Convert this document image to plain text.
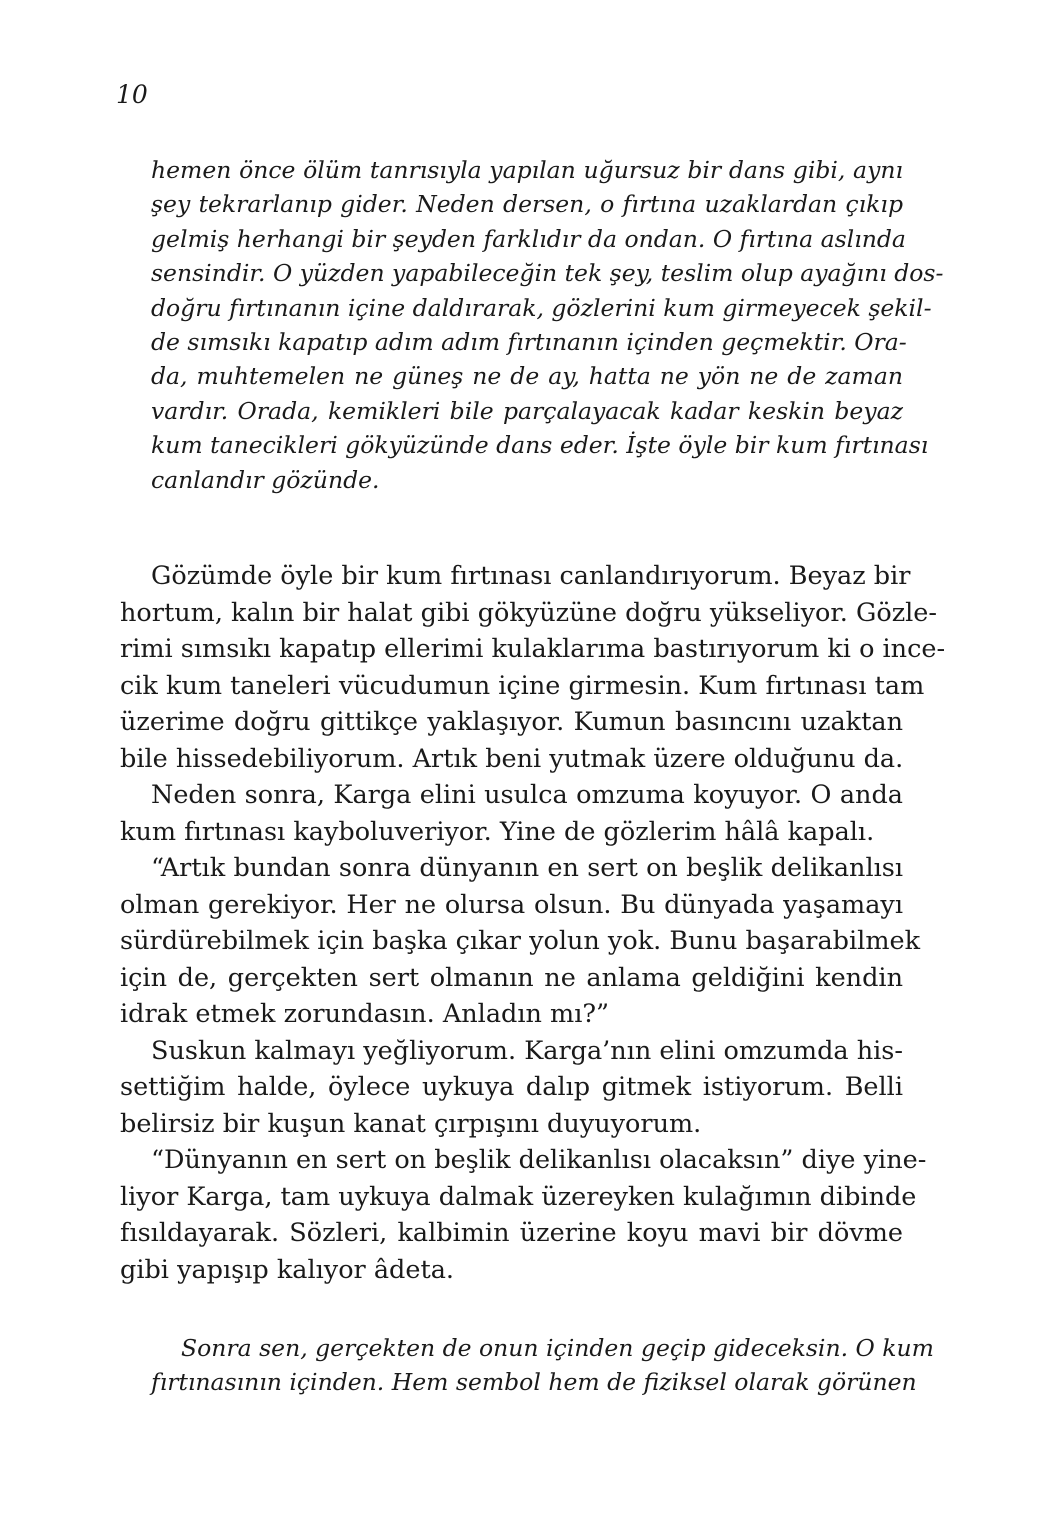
10
hemen önce ölüm tanrısıyla yapılan uğursuz bir dans gibi, aynı
şey tekrarlanıp gider. Neden dersen, o fırtına uzaklardan çıkıp
gelmiş herhangi bir şeyden farklıdır da ondan. O fırtına aslında
sensindir. O yüzden yapabileceğin tek şey, teslim olup ayağını dos-
doğru fırtınanın içine daldırarak, gözlerini kum girmeyecek şekil-
de sımsıkı kapatıp adım adım fırtınanın içinden geçmektir. Ora-
da, muhtemelen ne güneş ne de ay, hatta ne yön ne de zaman
vardır. Orada, kemikleri bile parçalayacak kadar keskin beyaz
kum tanecikleri gökyüzünde dans eder. İşte öyle bir kum fırtınası
canlandır gözünde.
Gözümde öyle bir kum fırtınası canlandırıyorum. Beyaz bir
hortum, kalın bir halat gibi gökyüzüne doğru yükseliyor. Gözle-
rimi sımsıkı kapatıp ellerimi kulaklarıma bastırıyorum ki o ince-
cik kum taneleri vücudumun içine girmesin. Kum fırtınası tam
üzerime doğru gittikçe yaklaşıyor. Kumun basıncını uzaktan
bile hissedebiliyorum. Artık beni yutmak üzere olduğunu da.
Neden sonra, Karga elini usulca omzuma koyuyor. O anda
kum fırtınası kayboluveriyor. Yine de gözlerim hâlâ kapalı.
“Artık bundan sonra dünyanın en sert on beşlik delikanlısı
olman gerekiyor. Her ne olursa olsun. Bu dünyada yaşamayı
sürdürebilmek için başka çıkar yolun yok. Bunu başarabilmek
için de, gerçekten sert olmanın ne anlama geldiğini kendin
idrak etmek zorundasın. Anladın mı?”
Suskun kalmayı yeğliyorum. Karga’nın elini omzumda his-
settiğim halde, öylece uykuya dalıp gitmek istiyorum. Belli
belirsiz bir kuşun kanat çırpışını duyuyorum.
“Dünyanın en sert on beşlik delikanlısı olacaksın” diye yine-
liyor Karga, tam uykuya dalmak üzereyken kulağımın dibinde
fısıldayarak. Sözleri, kalbimin üzerine koyu mavi bir dövme
gibi yapışıp kalıyor âdeta.
Sonra sen, gerçekten de onun içinden geçip gideceksin. O kum
fırtınasının içinden. Hem sembol hem de fiziksel olarak görünen
